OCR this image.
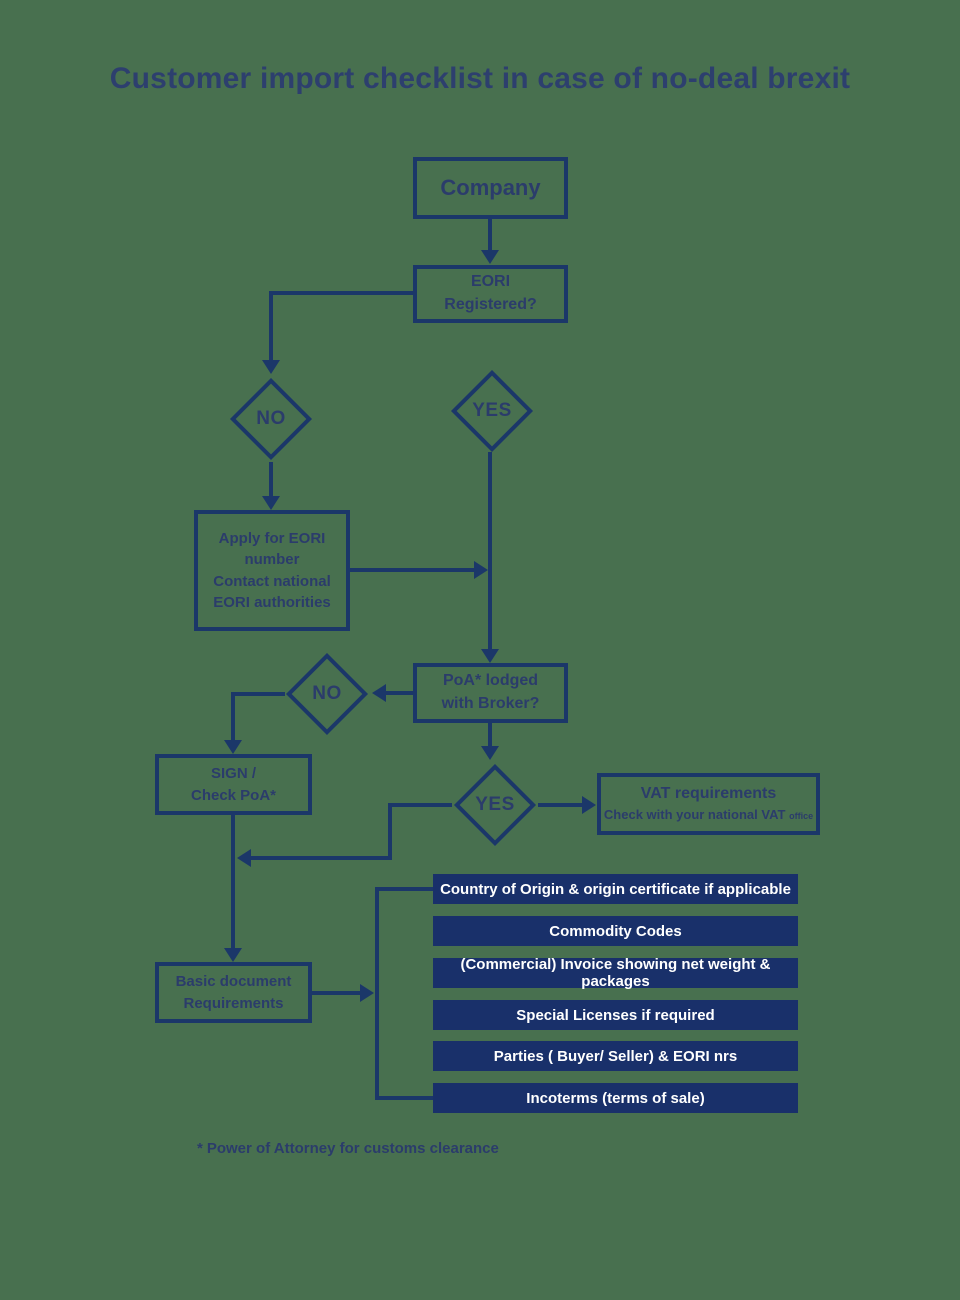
Customer import checklist in case of no-deal brexit
Company
EORI
Registered?
Apply for EORI
number
Contact national
EORI authorities
PoA* lodged
with Broker?
SIGN /
Check PoA*	VAT requirements
Check with your national VAT office
Basic document
Requirements
NO	YES
NO
YES
Country of Origin & origin certificate if applicable
Commodity Codes
(Commercial) Invoice showing net weight & packages
Special Licenses if required
Parties ( Buyer/ Seller) & EORI nrs
Incoterms (terms of sale)
* Power of Attorney for customs clearance
